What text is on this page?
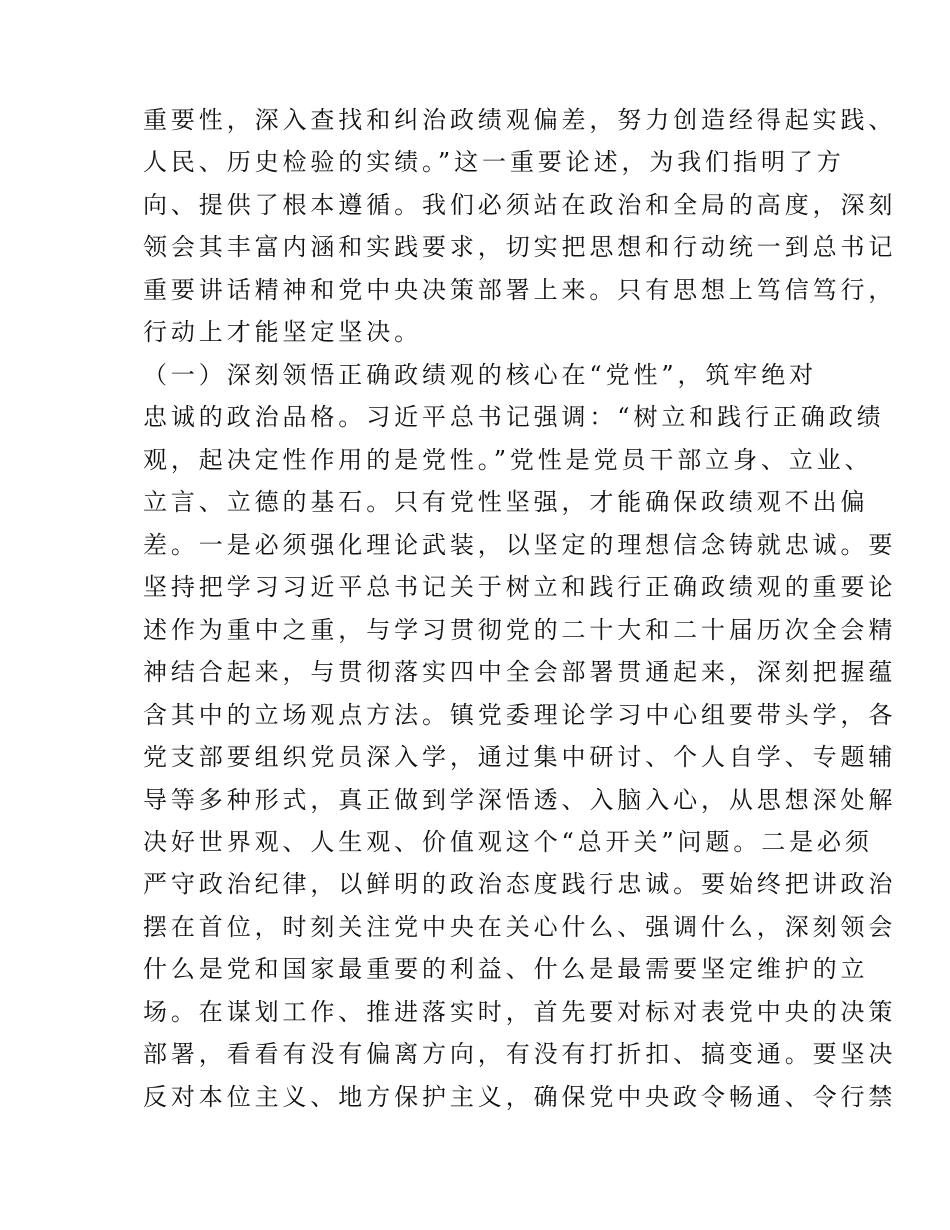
重要性，深入查找和纠治政绩观偏差，努力创造经得起实践、
人民、历史检验的实绩。”这一重要论述，为我们指明了方
向、提供了根本遵循。我们必须站在政治和全局的高度，深刻
领会其丰富内涵和实践要求，切实把思想和行动统一到总书记
重要讲话精神和党中央决策部署上来。只有思想上笃信笃行，
行动上才能坚定坚决。
（一）深刻领悟正确政绩观的核心在“党性”，筑牢绝对
忠诚的政治品格。习近平总书记强调：“树立和践行正确政绩
观，起决定性作用的是党性。”党性是党员干部立身、立业、
立言、立德的基石。只有党性坚强，才能确保政绩观不出偏
差。一是必须强化理论武装，以坚定的理想信念铸就忠诚。要
坚持把学习习近平总书记关于树立和践行正确政绩观的重要论
述作为重中之重，与学习贯彻党的二十大和二十届历次全会精
神结合起来，与贯彻落实四中全会部署贯通起来，深刻把握蕴
含其中的立场观点方法。镇党委理论学习中心组要带头学，各
党支部要组织党员深入学，通过集中研讨、个人自学、专题辅
导等多种形式，真正做到学深悟透、入脑入心，从思想深处解
决好世界观、人生观、价值观这个“总开关”问题。二是必须
严守政治纪律，以鲜明的政治态度践行忠诚。要始终把讲政治
摆在首位，时刻关注党中央在关心什么、强调什么，深刻领会
什么是党和国家最重要的利益、什么是最需要坚定维护的立
场。在谋划工作、推进落实时，首先要对标对表党中央的决策
部署，看看有没有偏离方向，有没有打折扣、搞变通。要坚决
反对本位主义、地方保护主义，确保党中央政令畅通、令行禁
